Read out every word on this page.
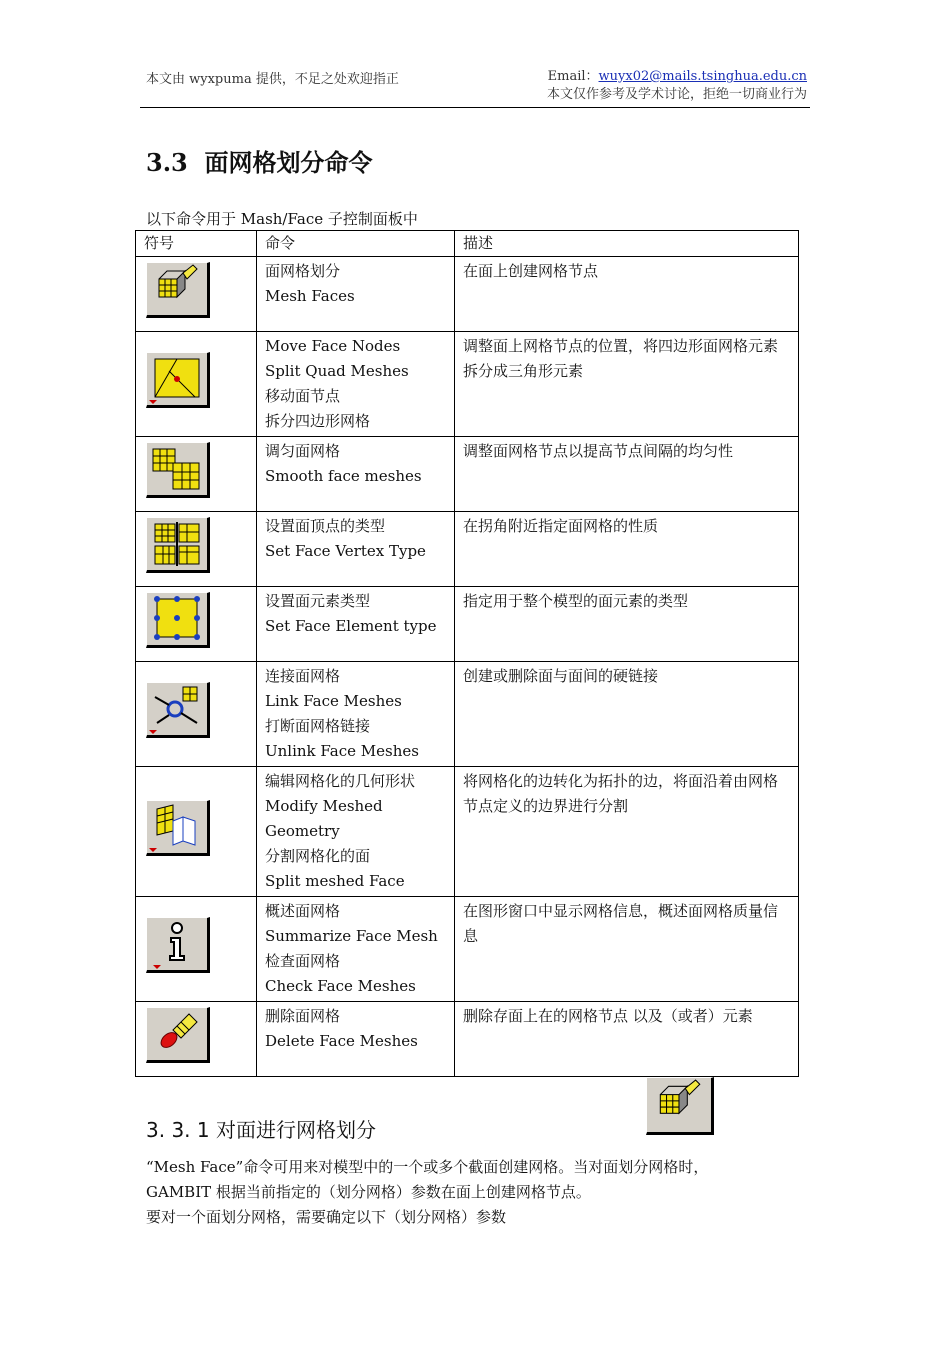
本文由 wyxpuma 提供，不足之处欢迎指正	Email：wuyx02@mails.tsinghua.edu.cn
本文仅作参考及学术讨论，拒绝一切商业行为
3.3 面网格划分命令
以下命令用于 Mash/Face 子控制面板中
符号	命令	描述

面网格划分
Mesh Faces	在面上创建网格节点

Move Face Nodes
Split Quad Meshes
移动面节点
拆分四边形网格	调整面上网格节点的位置，将四边形面网格元素拆分成三角形元素

调匀面网格
Smooth face meshes	调整面网格节点以提高节点间隔的均匀性

设置面顶点的类型
Set Face Vertex Type	在拐角附近指定面网格的性质

设置面元素类型
Set Face Element type	指定用于整个模型的面元素的类型

连接面网格
Link Face Meshes
打断面网格链接
Unlink Face Meshes	创建或删除面与面间的硬链接

编辑网格化的几何形状
Modify Meshed Geometry
分割网格化的面
Split meshed Face	将网格化的边转化为拓扑的边，将面沿着由网格节点定义的边界进行分割

概述面网格
Summarize Face Mesh
检查面网格
Check Face Meshes	在图形窗口中显示网格信息，概述面网格质量信息

删除面网格
Delete Face Meshes	删除存面上在的网格节点 以及（或者）元素
3. 3. 1 对面进行网格划分
“Mesh Face”命令可用来对模型中的一个或多个截面创建网格。当对面划分网格时，
GAMBIT 根据当前指定的（划分网格）参数在面上创建网格节点。
要对一个面划分网格，需要确定以下（划分网格）参数
